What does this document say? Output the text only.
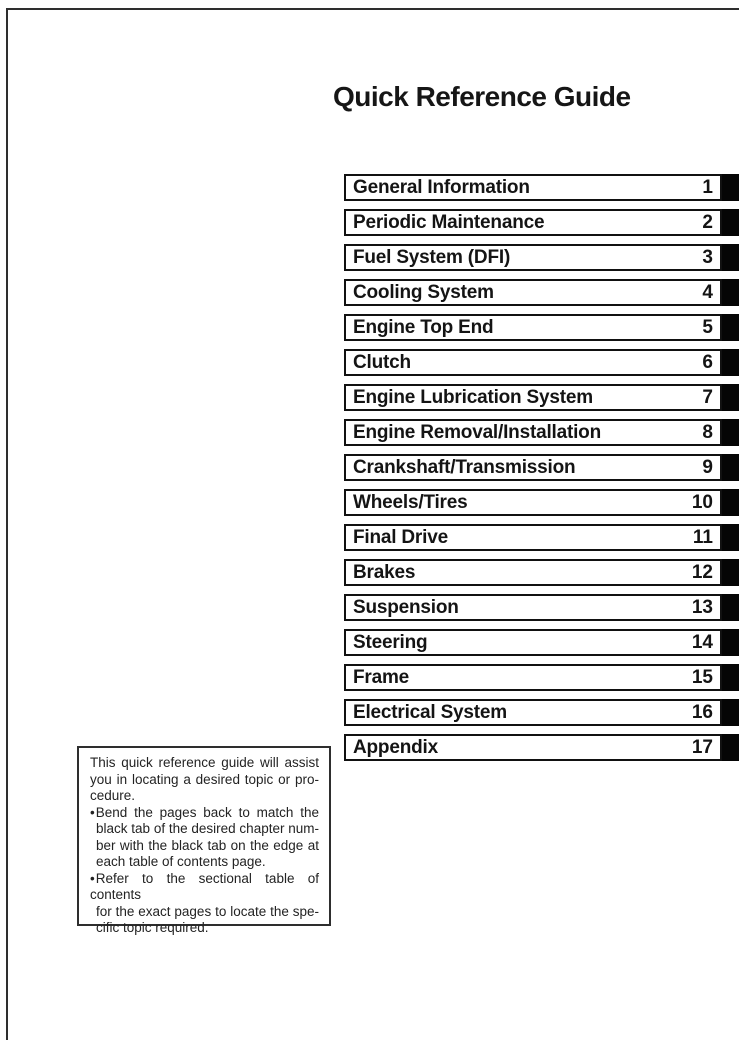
Quick Reference Guide
General Information	1
Periodic Maintenance	2
Fuel System (DFI)	3
Cooling System	4
Engine Top End	5
Clutch	6
Engine Lubrication System	7
Engine Removal/Installation	8
Crankshaft/Transmission	9
Wheels/Tires	10
Final Drive	11
Brakes	12
Suspension	13
Steering	14
Frame	15
Electrical System	16
Appendix	17
This quick reference guide will assist
you in locating a desired topic or pro-
cedure.
•Bend the pages back to match the
black tab of the desired chapter num-
ber with the black tab on the edge at
each table of contents page.
•Refer to the sectional table of contents
for the exact pages to locate the spe-
cific topic required.
